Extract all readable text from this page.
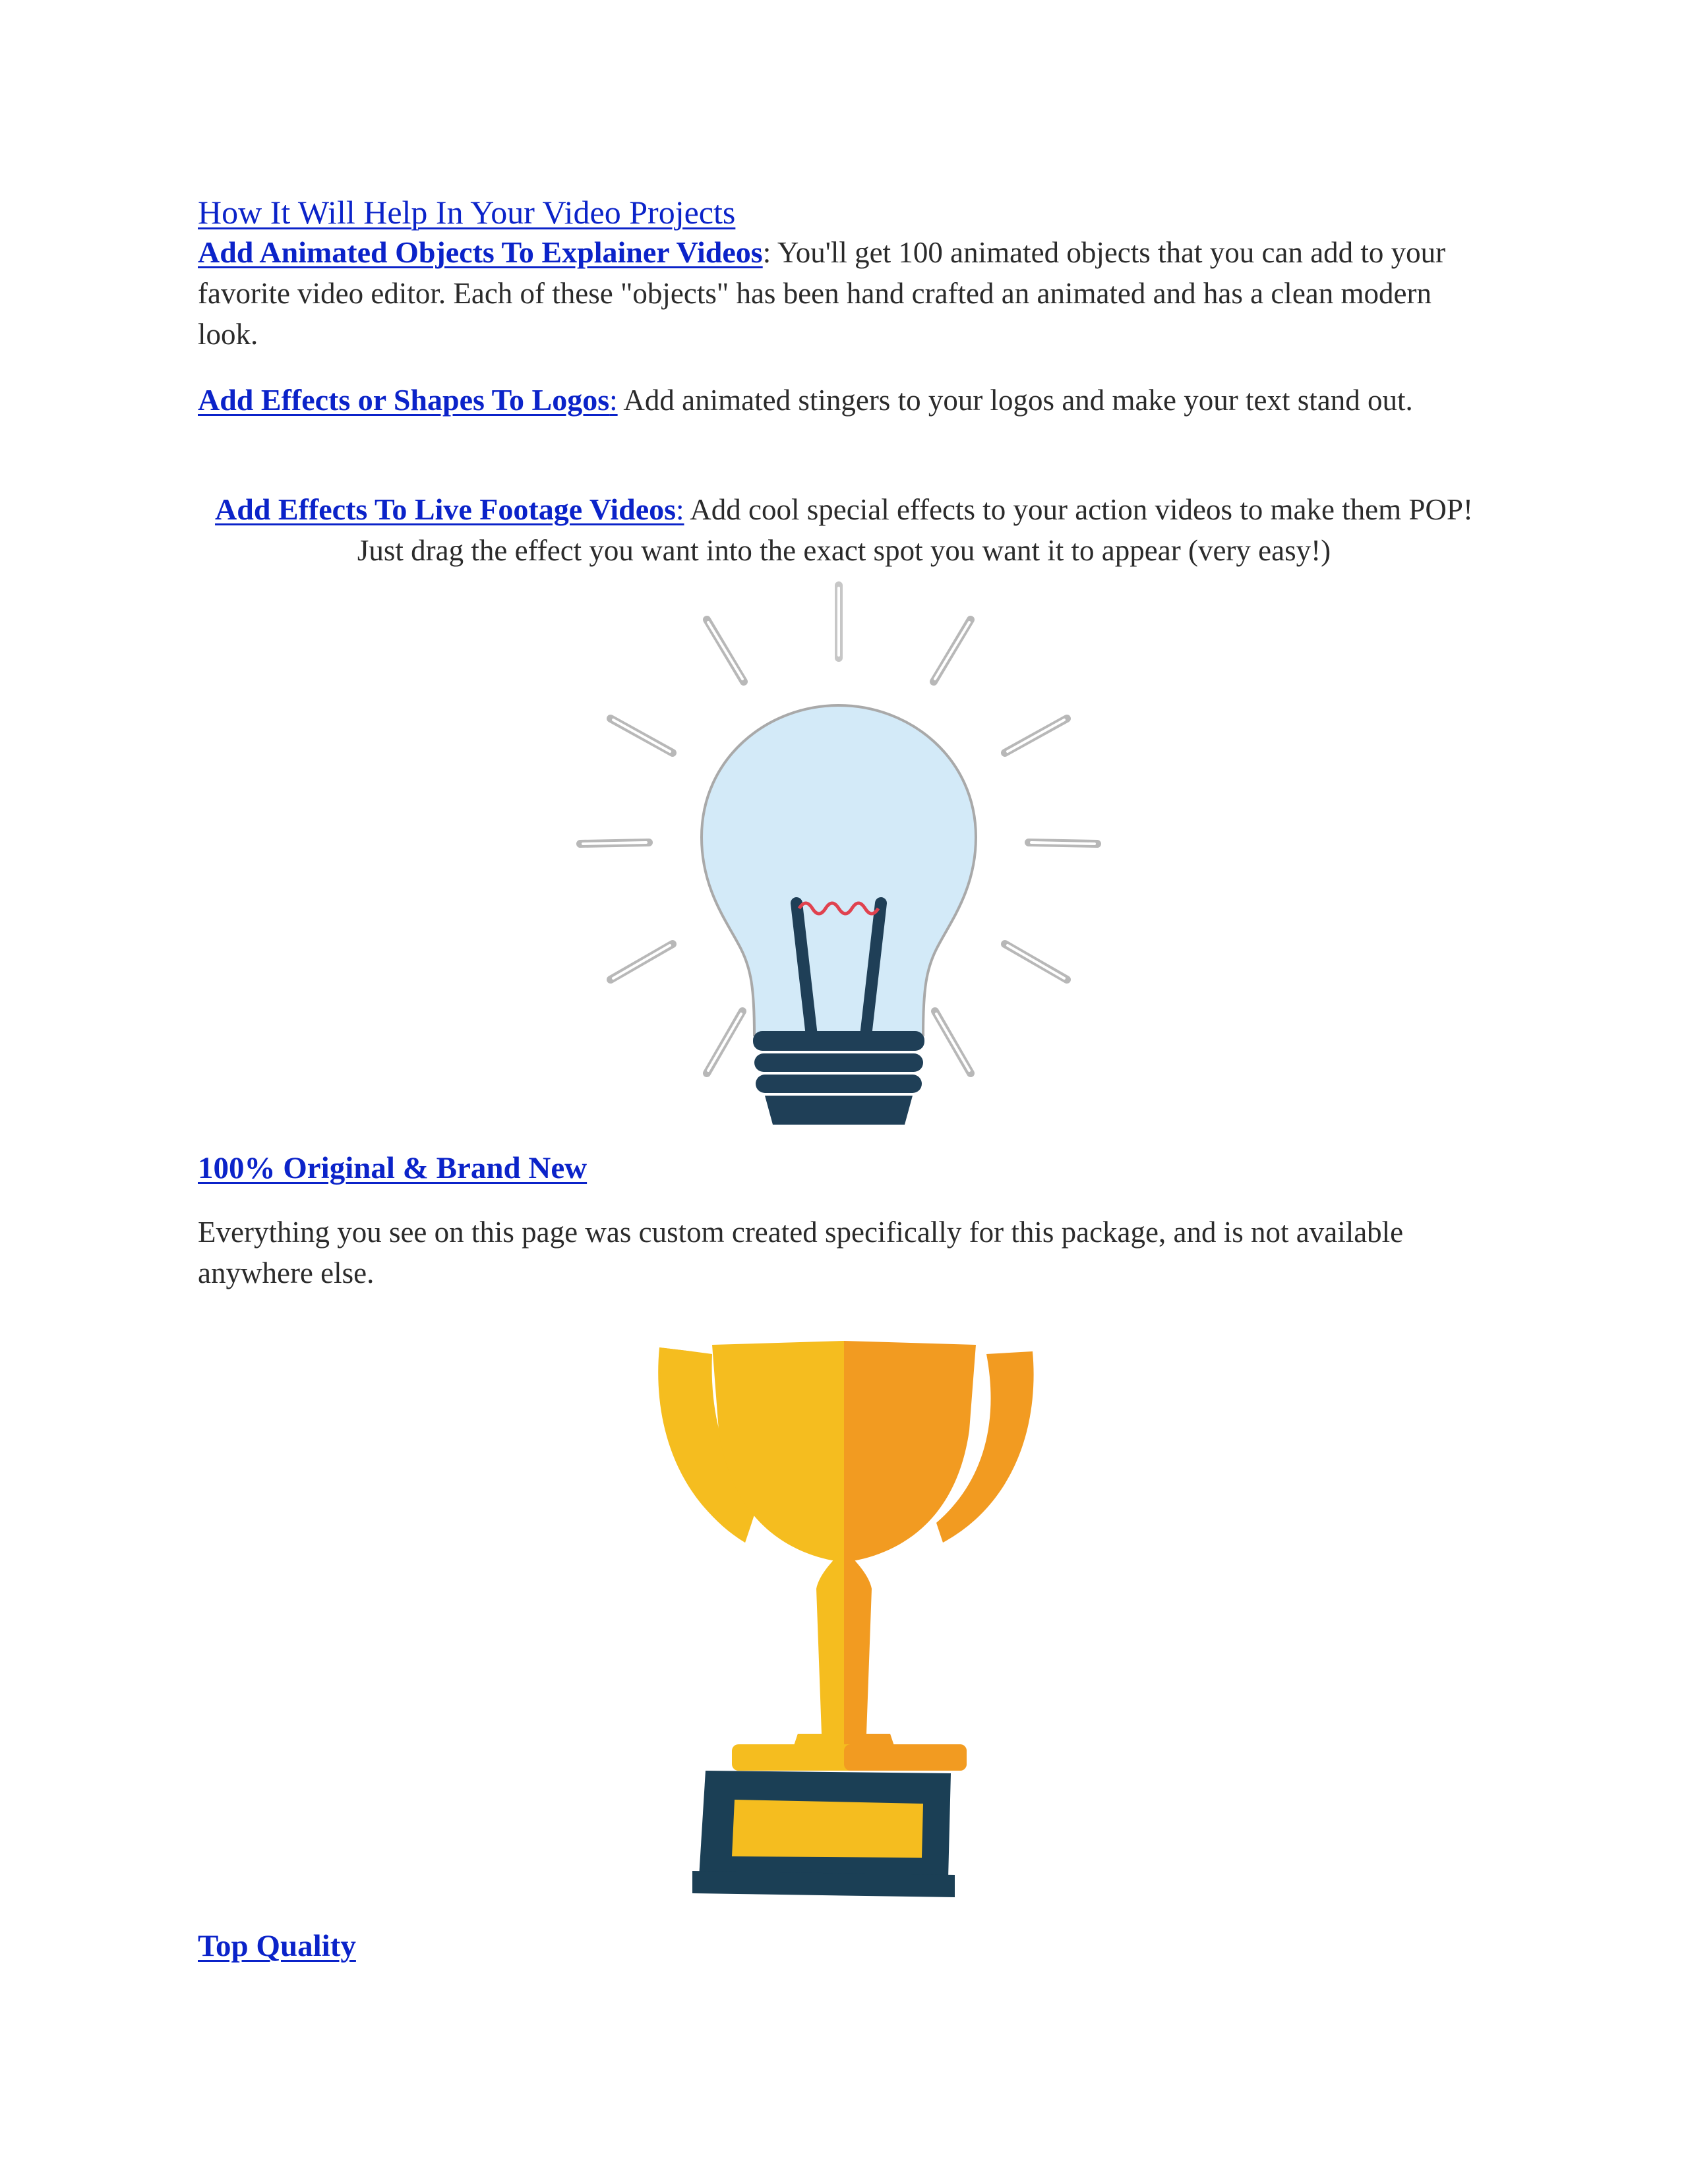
How It Will Help In Your Video Projects

Add Animated Objects To Explainer Videos: You'll get 100 animated objects that you can add to your favorite video editor. Each of these "objects" has been hand crafted an animated and has a clean modern look.

Add Effects or Shapes To Logos: Add animated stingers to your logos and make your text stand out.

Add Effects To Live Footage Videos: Add cool special effects to your action videos to make them POP! Just drag the effect you want into the exact spot you want it to appear (very easy!)

100% Original & Brand New

Everything you see on this page was custom created specifically for this package, and is not available anywhere else.

Top Quality
